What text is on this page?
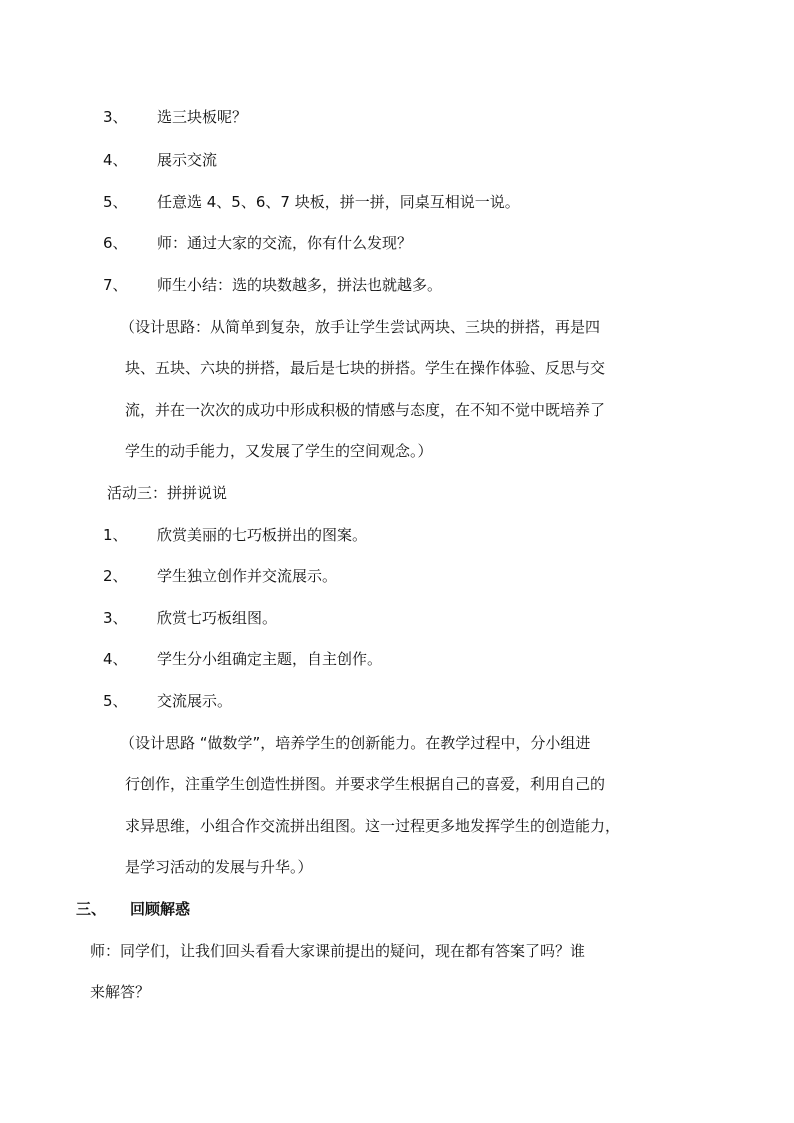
3、 选三块板呢？
4、 展示交流
5、 任意选 4、5、6、7 块板，拼一拼，同桌互相说一说。
6、 师：通过大家的交流，你有什么发现？
7、 师生小结：选的块数越多，拼法也就越多。
（设计思路：从简单到复杂，放手让学生尝试两块、三块的拼搭，再是四
块、五块、六块的拼搭，最后是七块的拼搭。学生在操作体验、反思与交
流，并在一次次的成功中形成积极的情感与态度，在不知不觉中既培养了
学生的动手能力，又发展了学生的空间观念。）
活动三：拼拼说说
1、 欣赏美丽的七巧板拼出的图案。
2、 学生独立创作并交流展示。
3、 欣赏七巧板组图。
4、 学生分小组确定主题，自主创作。
5、 交流展示。
（设计思路 “做数学”，培养学生的创新能力。在教学过程中，分小组进
行创作，注重学生创造性拼图。并要求学生根据自己的喜爱，利用自己的
求异思维，小组合作交流拼出组图。这一过程更多地发挥学生的创造能力，
是学习活动的发展与升华。）
三、 回顾解惑
师：同学们，让我们回头看看大家课前提出的疑问，现在都有答案了吗？谁
来解答？
